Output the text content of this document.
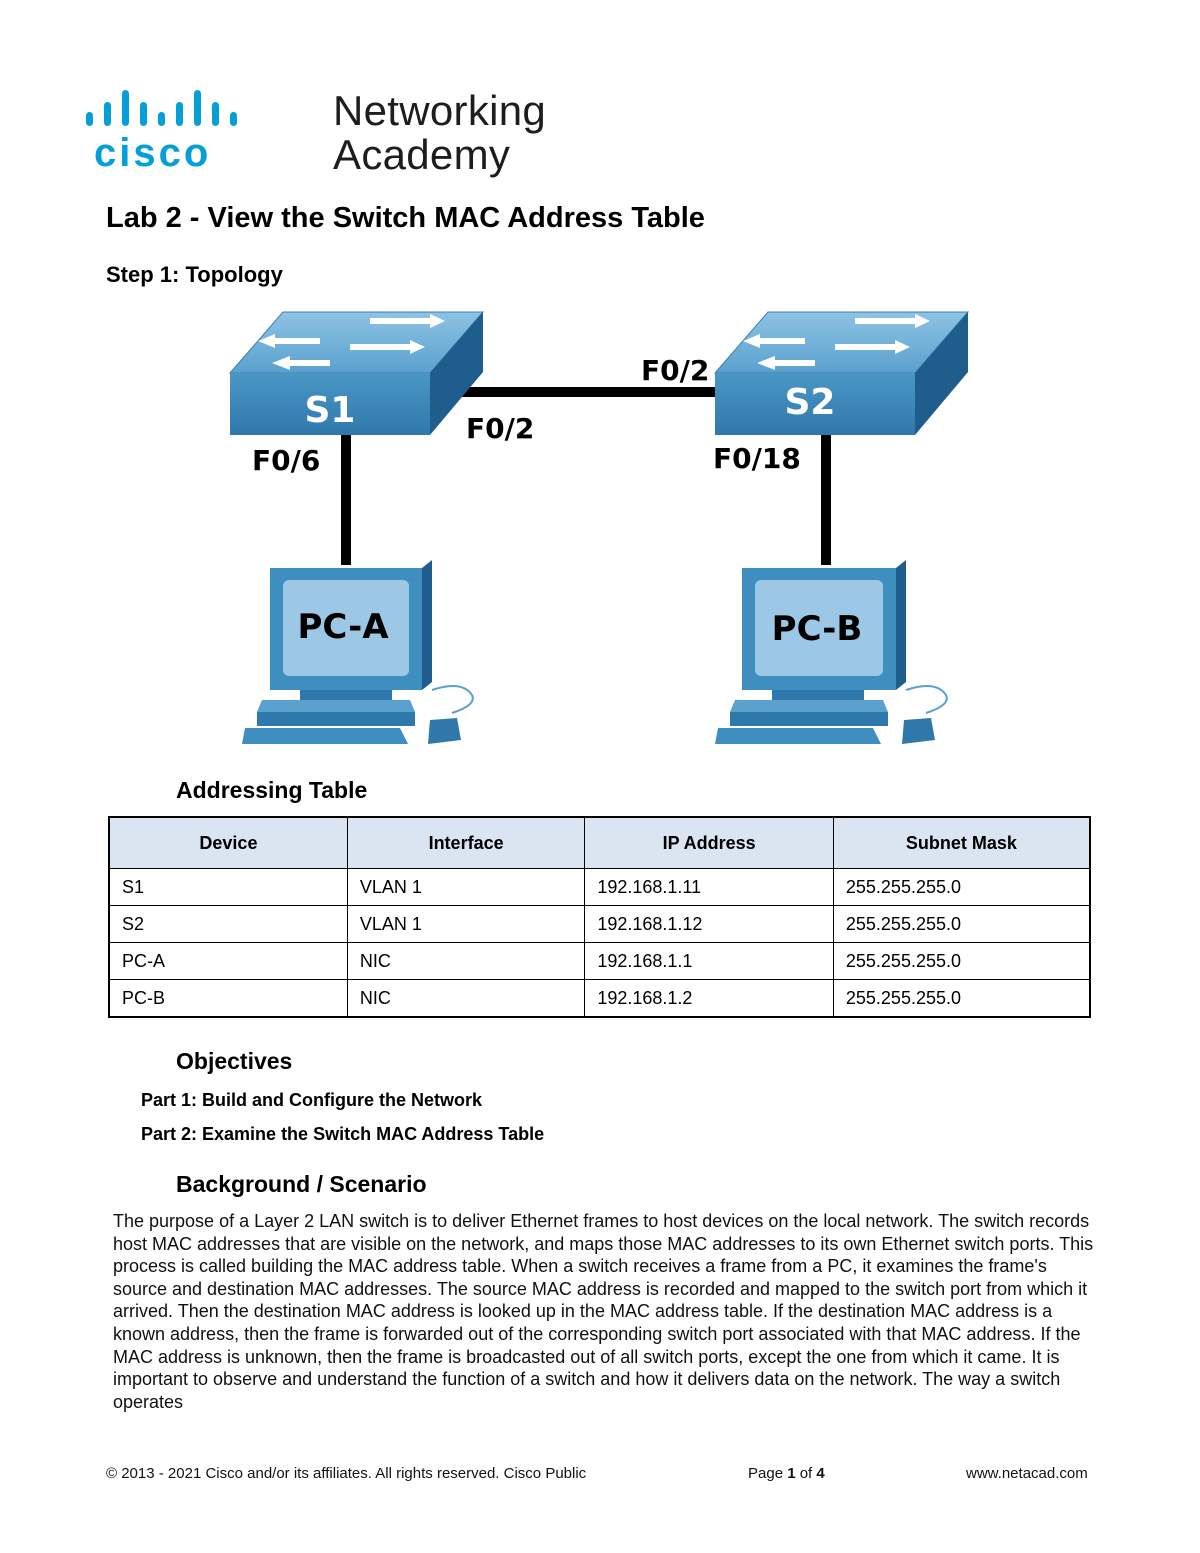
cisco
Networking
Academy
Lab 2 - View the Switch MAC Address Table
Step 1: Topology
S1	S2
F0/2
F0/2
F0/6	F0/18
PC-A	PC-B
Addressing Table
Device	Interface	IP Address	Subnet Mask
S1	VLAN 1	192.168.1.11	255.255.255.0
S2	VLAN 1	192.168.1.12	255.255.255.0
PC-A	NIC	192.168.1.1	255.255.255.0
PC-B	NIC	192.168.1.2	255.255.255.0
Objectives
Part 1: Build and Configure the Network
Part 2: Examine the Switch MAC Address Table
Background / Scenario
The purpose of a Layer 2 LAN switch is to deliver Ethernet frames to host devices on the local network. The switch records host MAC addresses that are visible on the network, and maps those MAC addresses to its own Ethernet switch ports. This process is called building the MAC address table. When a switch receives a frame from a PC, it examines the frame's source and destination MAC addresses. The source MAC address is recorded and mapped to the switch port from which it arrived. Then the destination MAC address is looked up in the MAC address table. If the destination MAC address is a known address, then the frame is forwarded out of the corresponding switch port associated with that MAC address. If the MAC address is unknown, then the frame is broadcasted out of all switch ports, except the one from which it came. It is important to observe and understand the function of a switch and how it delivers data on the network. The way a switch operates
© 2013 - 2021 Cisco and/or its affiliates. All rights reserved. Cisco Public	Page 1 of 4	www.netacad.com
